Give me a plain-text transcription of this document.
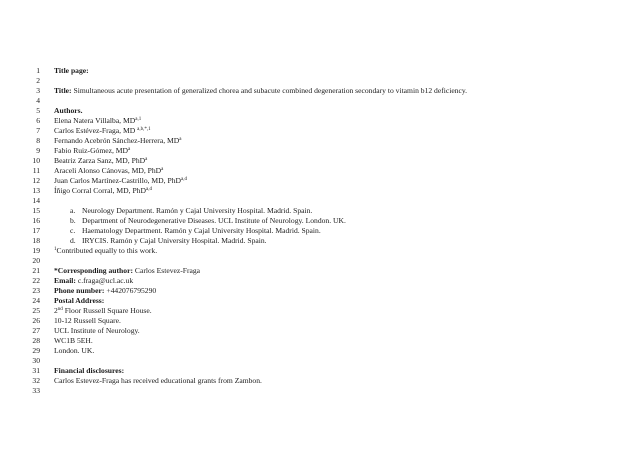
1
2
3
4
5
6
7
8
9
10
11
12
13
14
15
16
17
18
19
20
21
22
23
24
25
26
27
28
29
30
31
32
33
Title page:
Title: Simultaneous acute presentation of generalized chorea and subacute combined degeneration secondary to vitamin b12 deficiency.
Authors.
Elena Natera Villalba, MD$^{a,1}$
Carlos Estévez-Fraga, MD $^{a,b,*,1}$
Fernando Acebrón Sánchez-Herrera, $MD^a$
Fabio Ruiz-Gómez, $MD^a$
Beatriz Zarza Sanz, MD, PhD$^a$
Araceli Alonso Cánovas, MD, PhD$^a$
Juan Carlos Martínez-Castrillo, MD, PhD$^{a,d}$
Íñigo Corral Corral, MD, PhD$^{a,d}$
a. Neurology Department. Ramón y Cajal University Hospital. Madrid. Spain.
b. Department of Neurodegenerative Diseases. UCL Institute of Neurology. London. UK.
c. Haematology Department. Ramón y Cajal University Hospital. Madrid. Spain.
d. IRYCIS. Ramón y Cajal University Hospital. Madrid. Spain.
$^1$Contributed equally to this work.
*Corresponding author: Carlos Estevez-Fraga
Email: c.fraga@ucl.ac.uk
Phone number: +442076795290
Postal Address:
2nd Floor Russell Square House.
10-12 Russell Square.
UCL Institute of Neurology.
WC1B 5EH.
London. UK.
Financial disclosures:
Carlos Estevez-Fraga has received educational grants from Zambon.
